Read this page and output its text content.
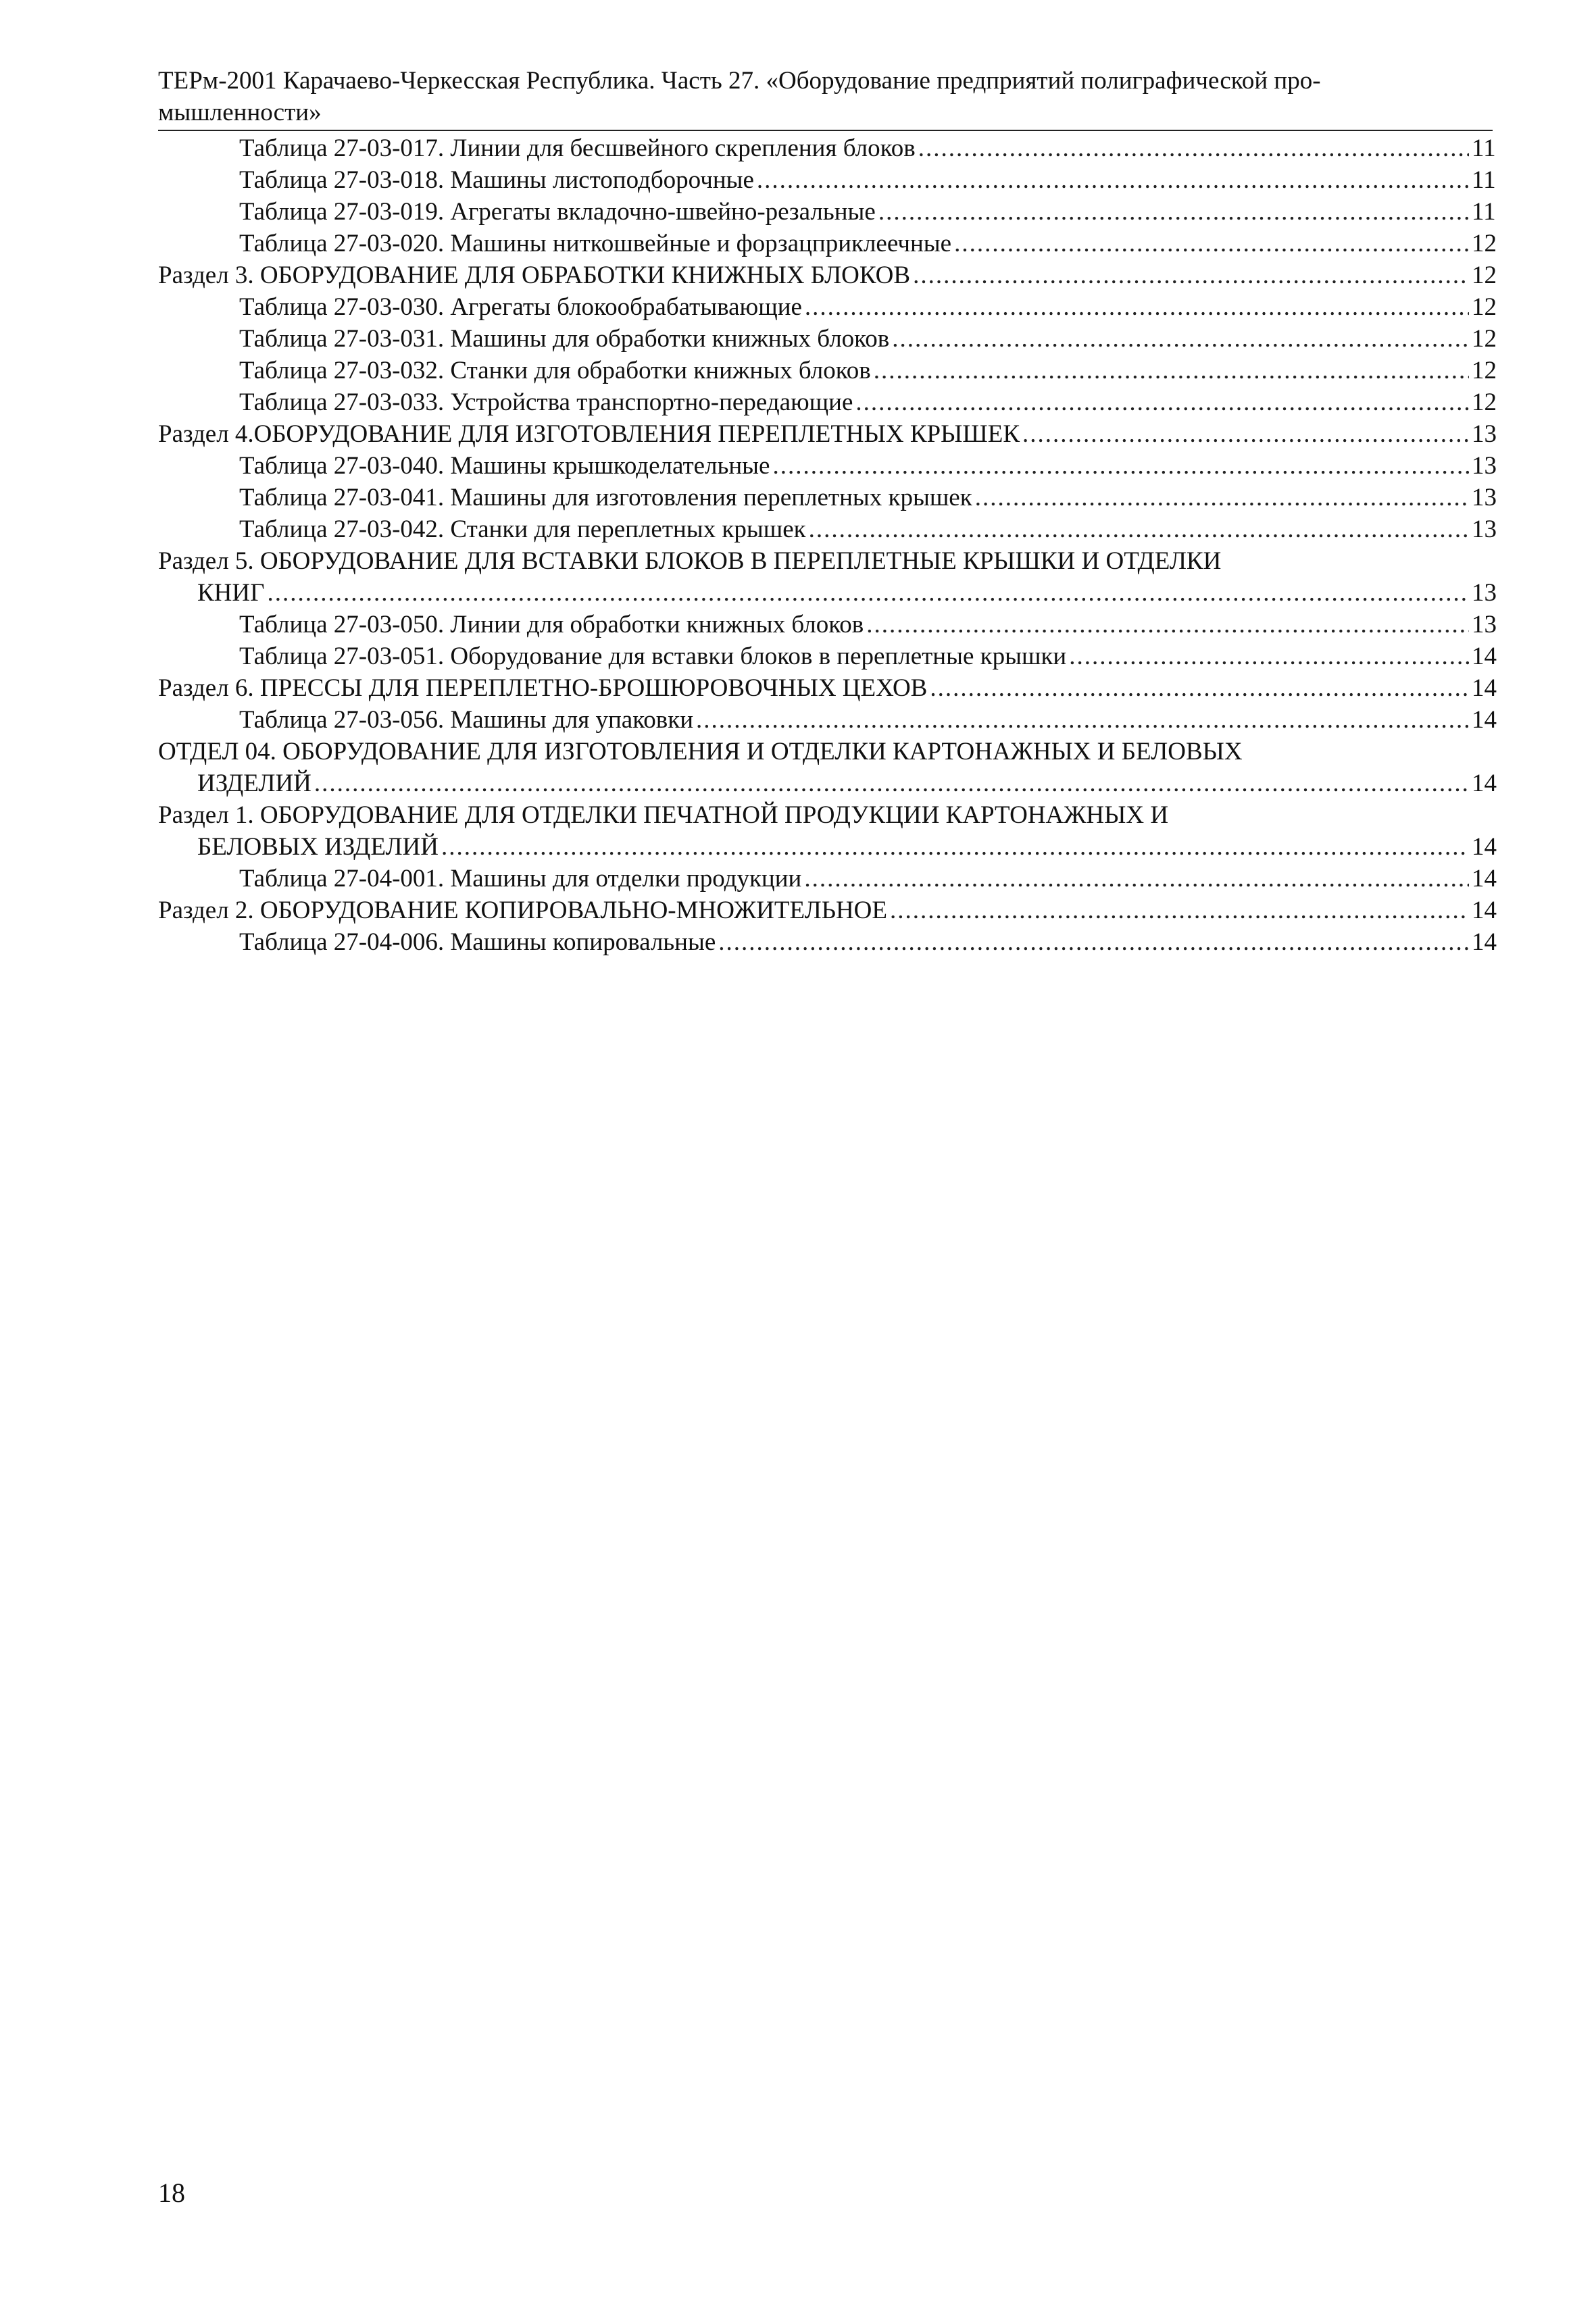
ТЕРм-2001 Карачаево-Черкесская Республика. Часть 27. «Оборудование предприятий полиграфической про-
мышленности»
Таблица 27-03-017. Линии для бесшвейного скрепления блоков .....	11
Таблица 27-03-018. Машины листоподборочные .....	11
Таблица 27-03-019. Агрегаты вкладочно-швейно-резальные .....	11
Таблица 27-03-020. Машины ниткошвейные и форзацприклеечные .....	12
Раздел 3. ОБОРУДОВАНИЕ ДЛЯ ОБРАБОТКИ КНИЖНЫХ БЛОКОВ .....	12
Таблица 27-03-030. Агрегаты блокообрабатывающие .....	12
Таблица 27-03-031. Машины для обработки книжных блоков .....	12
Таблица 27-03-032. Станки для обработки книжных блоков .....	12
Таблица 27-03-033. Устройства транспортно-передающие .....	12
Раздел 4.ОБОРУДОВАНИЕ ДЛЯ ИЗГОТОВЛЕНИЯ ПЕРЕПЛЕТНЫХ КРЫШЕК .....	13
Таблица 27-03-040. Машины крышкоделательные .....	13
Таблица 27-03-041. Машины для изготовления переплетных крышек .....	13
Таблица 27-03-042. Станки для переплетных крышек .....	13
Раздел 5. ОБОРУДОВАНИЕ ДЛЯ ВСТАВКИ БЛОКОВ В ПЕРЕПЛЕТНЫЕ КРЫШКИ И ОТДЕЛКИ
КНИГ .....	13
Таблица 27-03-050. Линии для обработки книжных блоков .....	13
Таблица 27-03-051. Оборудование для вставки блоков в переплетные крышки .....	14
Раздел 6. ПРЕССЫ ДЛЯ ПЕРЕПЛЕТНО-БРОШЮРОВОЧНЫХ ЦЕХОВ .....	14
Таблица 27-03-056. Машины для упаковки .....	14
ОТДЕЛ 04. ОБОРУДОВАНИЕ ДЛЯ ИЗГОТОВЛЕНИЯ И ОТДЕЛКИ КАРТОНАЖНЫХ И БЕЛОВЫХ
ИЗДЕЛИЙ .....	14
Раздел 1. ОБОРУДОВАНИЕ ДЛЯ ОТДЕЛКИ ПЕЧАТНОЙ ПРОДУКЦИИ КАРТОНАЖНЫХ И
БЕЛОВЫХ ИЗДЕЛИЙ .....	14
Таблица 27-04-001. Машины для отделки продукции .....	14
Раздел 2. ОБОРУДОВАНИЕ КОПИРОВАЛЬНО-МНОЖИТЕЛЬНОЕ .....	14
Таблица 27-04-006. Машины копировальные .....	14
18
